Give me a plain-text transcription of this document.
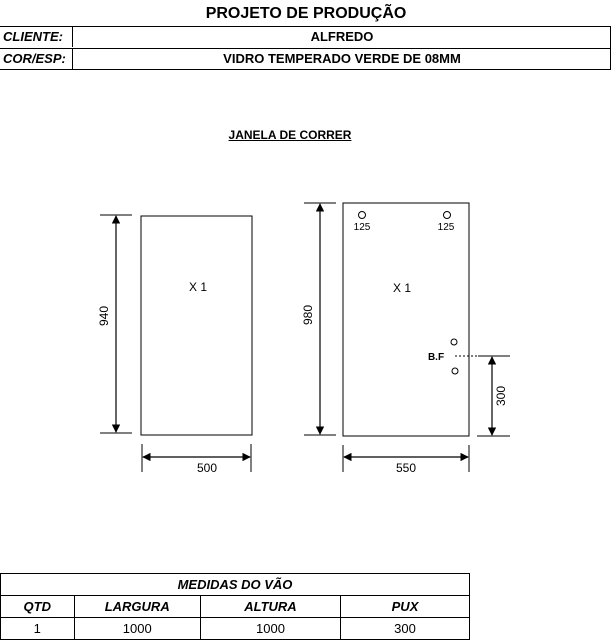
PROJETO DE PRODUÇÃO
CLIENTE:	ALFREDO
COR/ESP:	VIDRO TEMPERADO VERDE DE 08MM
JANELA DE CORRER
X 1
940
500
X 1
125	125
B.F
300
980
550
MEDIDAS DO VÃO			
QTD	LARGURA	ALTURA	PUX
1	1000	1000	300
